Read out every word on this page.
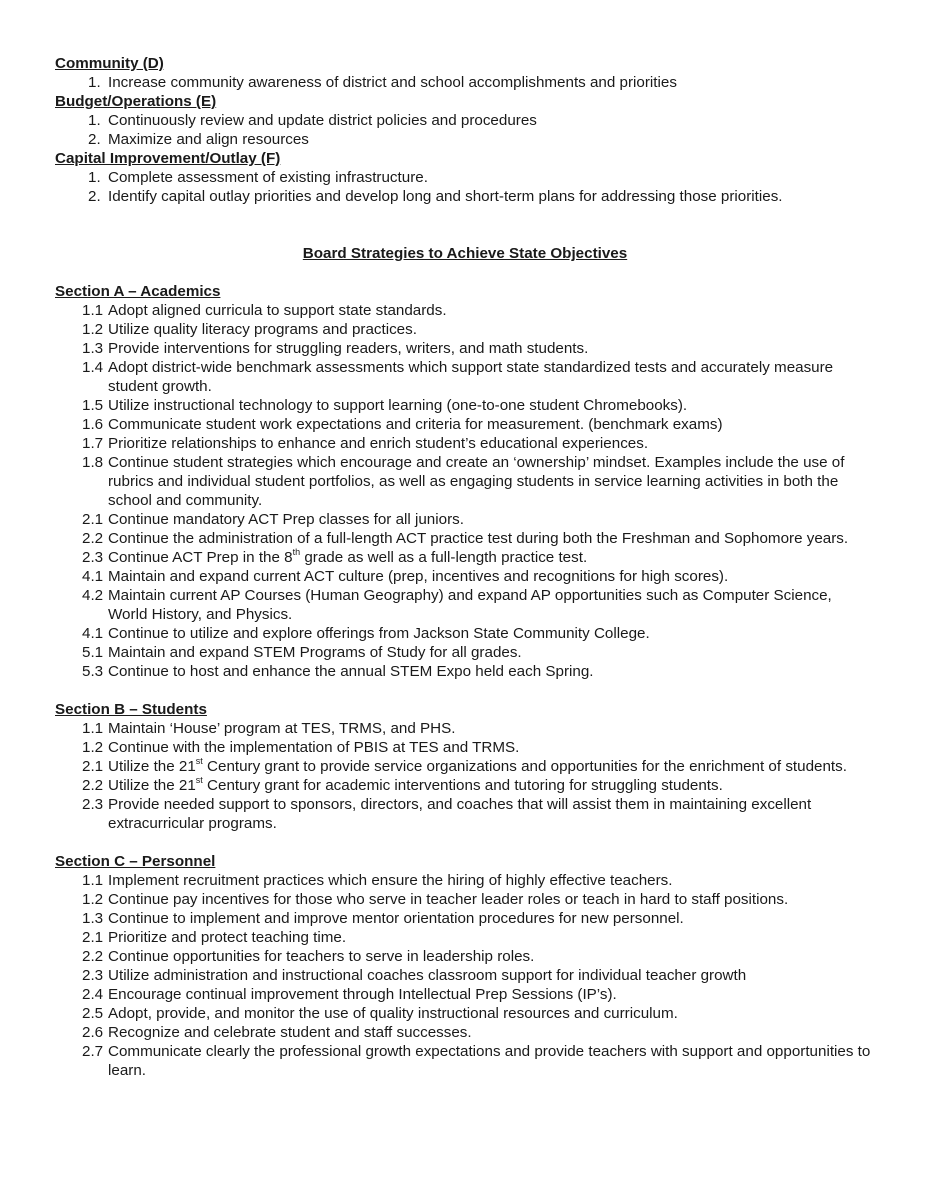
Community (D)
1. Increase community awareness of district and school accomplishments and priorities
Budget/Operations (E)
1. Continuously review and update district policies and procedures
2. Maximize and align resources
Capital Improvement/Outlay (F)
1. Complete assessment of existing infrastructure.
2. Identify capital outlay priorities and develop long and short-term plans for addressing those priorities.
Board Strategies to Achieve State Objectives
Section A – Academics
1.1 Adopt aligned curricula to support state standards.
1.2 Utilize quality literacy programs and practices.
1.3 Provide interventions for struggling readers, writers, and math students.
1.4 Adopt district-wide benchmark assessments which support state standardized tests and accurately measure student growth.
1.5 Utilize instructional technology to support learning (one-to-one student Chromebooks).
1.6 Communicate student work expectations and criteria for measurement. (benchmark exams)
1.7 Prioritize relationships to enhance and enrich student’s educational experiences.
1.8 Continue student strategies which encourage and create an ‘ownership’ mindset. Examples include the use of rubrics and individual student portfolios, as well as engaging students in service learning activities in both the school and community.
2.1 Continue mandatory ACT Prep classes for all juniors.
2.2 Continue the administration of a full-length ACT practice test during both the Freshman and Sophomore years.
2.3 Continue ACT Prep in the 8th grade as well as a full-length practice test.
4.1 Maintain and expand current ACT culture (prep, incentives and recognitions for high scores).
4.2 Maintain current AP Courses (Human Geography) and expand AP opportunities such as Computer Science, World History, and Physics.
4.1 Continue to utilize and explore offerings from Jackson State Community College.
5.1 Maintain and expand STEM Programs of Study for all grades.
5.3 Continue to host and enhance the annual STEM Expo held each Spring.
Section B – Students
1.1 Maintain ‘House’ program at TES, TRMS, and PHS.
1.2 Continue with the implementation of PBIS at TES and TRMS.
2.1 Utilize the 21st Century grant to provide service organizations and opportunities for the enrichment of students.
2.2 Utilize the 21st Century grant for academic interventions and tutoring for struggling students.
2.3 Provide needed support to sponsors, directors, and coaches that will assist them in maintaining excellent extracurricular programs.
Section C – Personnel
1.1 Implement recruitment practices which ensure the hiring of highly effective teachers.
1.2 Continue pay incentives for those who serve in teacher leader roles or teach in hard to staff positions.
1.3 Continue to implement and improve mentor orientation procedures for new personnel.
2.1 Prioritize and protect teaching time.
2.2 Continue opportunities for teachers to serve in leadership roles.
2.3 Utilize administration and instructional coaches classroom support for individual teacher growth
2.4 Encourage continual improvement through Intellectual Prep Sessions (IP’s).
2.5 Adopt, provide, and monitor the use of quality instructional resources and curriculum.
2.6 Recognize and celebrate student and staff successes.
2.7 Communicate clearly the professional growth expectations and provide teachers with support and opportunities to learn.
